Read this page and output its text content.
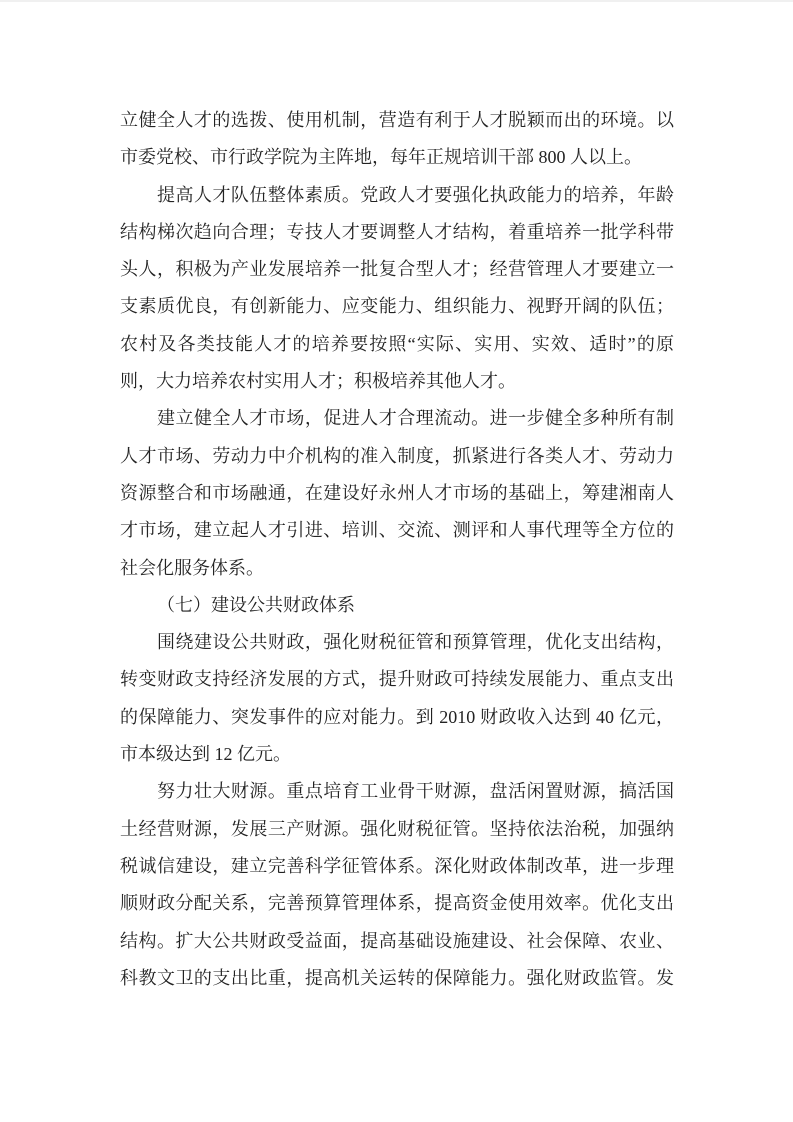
立健全人才的选拨、使用机制，营造有利于人才脱颖而出的环境。以
市委党校、市行政学院为主阵地，每年正规培训干部 800 人以上。
提高人才队伍整体素质。党政人才要强化执政能力的培养，年龄
结构梯次趋向合理；专技人才要调整人才结构，着重培养一批学科带
头人，积极为产业发展培养一批复合型人才；经营管理人才要建立一
支素质优良，有创新能力、应变能力、组织能力、视野开阔的队伍；
农村及各类技能人才的培养要按照“实际、实用、实效、适时”的原
则，大力培养农村实用人才；积极培养其他人才。
建立健全人才市场，促进人才合理流动。进一步健全多种所有制
人才市场、劳动力中介机构的准入制度，抓紧进行各类人才、劳动力
资源整合和市场融通，在建设好永州人才市场的基础上，筹建湘南人
才市场，建立起人才引进、培训、交流、测评和人事代理等全方位的
社会化服务体系。
（七）建设公共财政体系
围绕建设公共财政，强化财税征管和预算管理，优化支出结构，
转变财政支持经济发展的方式，提升财政可持续发展能力、重点支出
的保障能力、突发事件的应对能力。到 2010 财政收入达到 40 亿元，
市本级达到 12 亿元。
努力壮大财源。重点培育工业骨干财源，盘活闲置财源，搞活国
土经营财源，发展三产财源。强化财税征管。坚持依法治税，加强纳
税诚信建设，建立完善科学征管体系。深化财政体制改革，进一步理
顺财政分配关系，完善预算管理体系，提高资金使用效率。优化支出
结构。扩大公共财政受益面，提高基础设施建设、社会保障、农业、
科教文卫的支出比重，提高机关运转的保障能力。强化财政监管。发
